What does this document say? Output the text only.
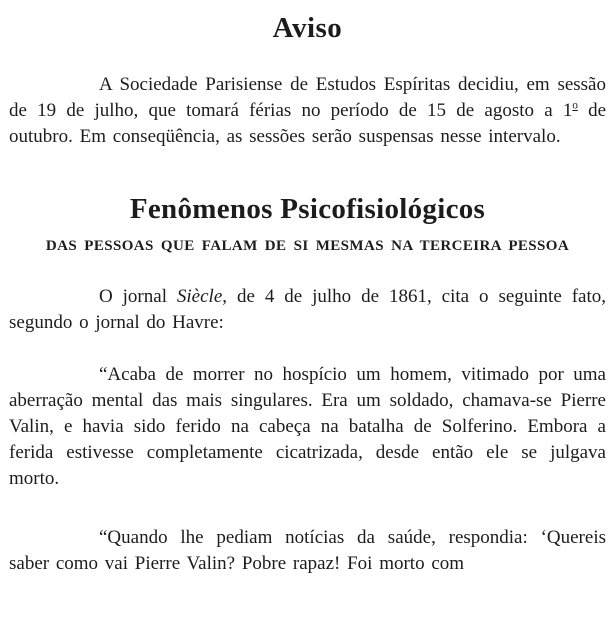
Aviso

A Sociedade Parisiense de Estudos Espíritas decidiu, em sessão de 19 de julho, que tomará férias no período de 15 de agosto a 1$^o$ de outubro. Em conseqüência, as sessões serão suspensas nesse intervalo.

Fenômenos Psicofisiológicos
DAS PESSOAS QUE FALAM DE SI MESMAS NA TERCEIRA PESSOA

O jornal Siècle, de 4 de julho de 1861, cita o seguinte fato, segundo o jornal do Havre:

“Acaba de morrer no hospício um homem, vitimado por uma aberração mental das mais singulares. Era um soldado, chamava-se Pierre Valin, e havia sido ferido na cabeça na batalha de Solferino. Embora a ferida estivesse completamente cicatrizada, desde então ele se julgava morto.

“Quando lhe pediam notícias da saúde, respondia: ‘Quereis saber como vai Pierre Valin? Pobre rapaz! Foi morto com
